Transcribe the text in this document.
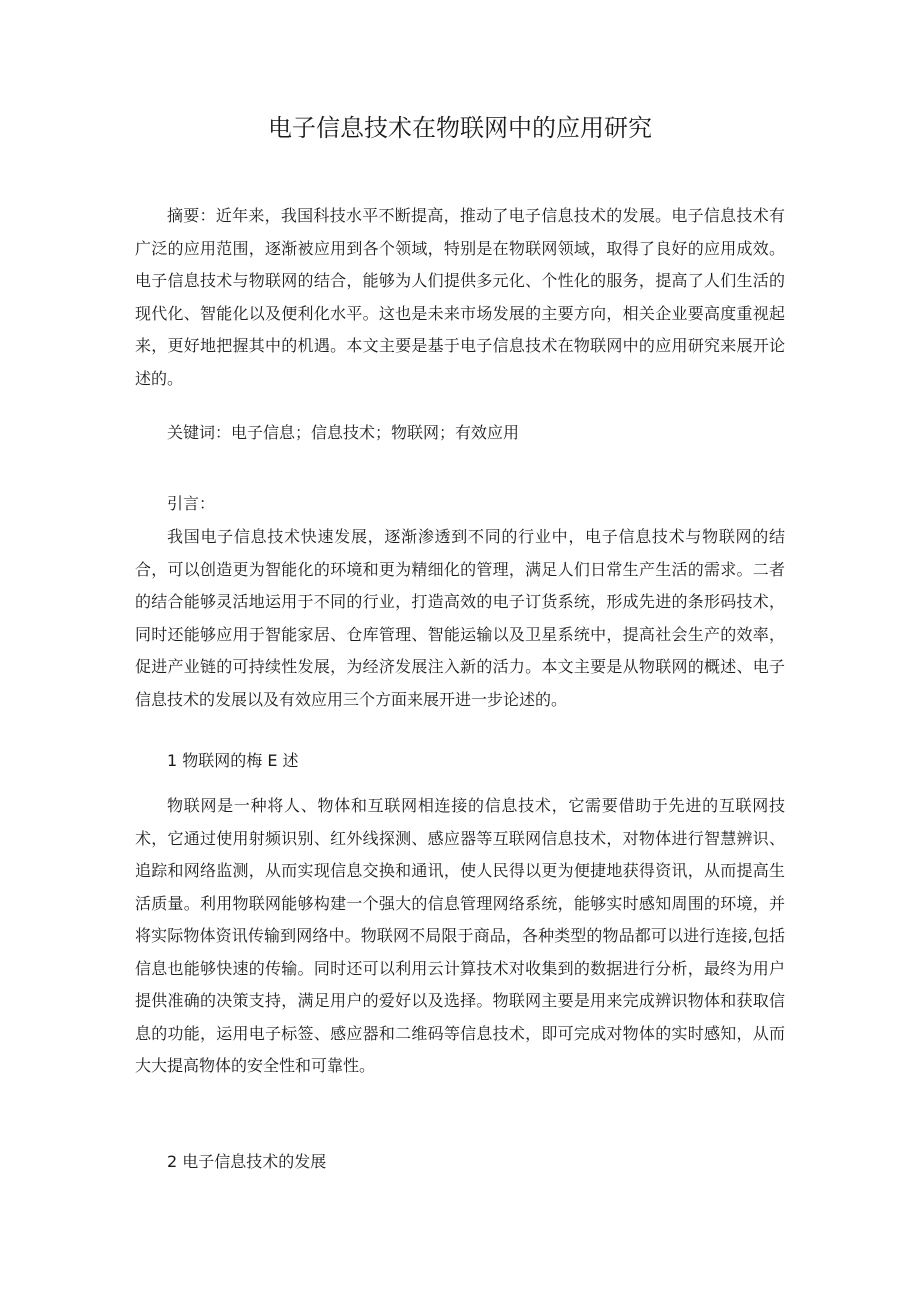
电子信息技术在物联网中的应用研究

摘要：近年来，我国科技水平不断提高，推动了电子信息技术的发展。电子信息技术有广泛的应用范围，逐渐被应用到各个领域，特别是在物联网领域，取得了良好的应用成效。电子信息技术与物联网的结合，能够为人们提供多元化、个性化的服务，提高了人们生活的现代化、智能化以及便利化水平。这也是未来市场发展的主要方向，相关企业要高度重视起来，更好地把握其中的机遇。本文主要是基于电子信息技术在物联网中的应用研究来展开论述的。

关键词：电子信息；信息技术；物联网；有效应用

引言：

我国电子信息技术快速发展，逐渐渗透到不同的行业中，电子信息技术与物联网的结合，可以创造更为智能化的环境和更为精细化的管理，满足人们日常生产生活的需求。二者的结合能够灵活地运用于不同的行业，打造高效的电子订货系统，形成先进的条形码技术，同时还能够应用于智能家居、仓库管理、智能运输以及卫星系统中，提高社会生产的效率，促进产业链的可持续性发展，为经济发展注入新的活力。本文主要是从物联网的概述、电子信息技术的发展以及有效应用三个方面来展开进一步论述的。

1 物联网的梅 E 述

物联网是一种将人、物体和互联网相连接的信息技术，它需要借助于先进的互联网技术，它通过使用射频识别、红外线探测、感应器等互联网信息技术，对物体进行智慧辨识、追踪和网络监测，从而实现信息交换和通讯，使人民得以更为便捷地获得资讯，从而提高生活质量。利用物联网能够构建一个强大的信息管理网络系统，能够实时感知周围的环境，并将实际物体资讯传输到网络中。物联网不局限于商品，各种类型的物品都可以进行连接,包括信息也能够快速的传输。同时还可以利用云计算技术对收集到的数据进行分析，最终为用户提供准确的决策支持，满足用户的爱好以及选择。物联网主要是用来完成辨识物体和获取信息的功能，运用电子标签、感应器和二维码等信息技术，即可完成对物体的实时感知，从而大大提高物体的安全性和可靠性。

2 电子信息技术的发展
